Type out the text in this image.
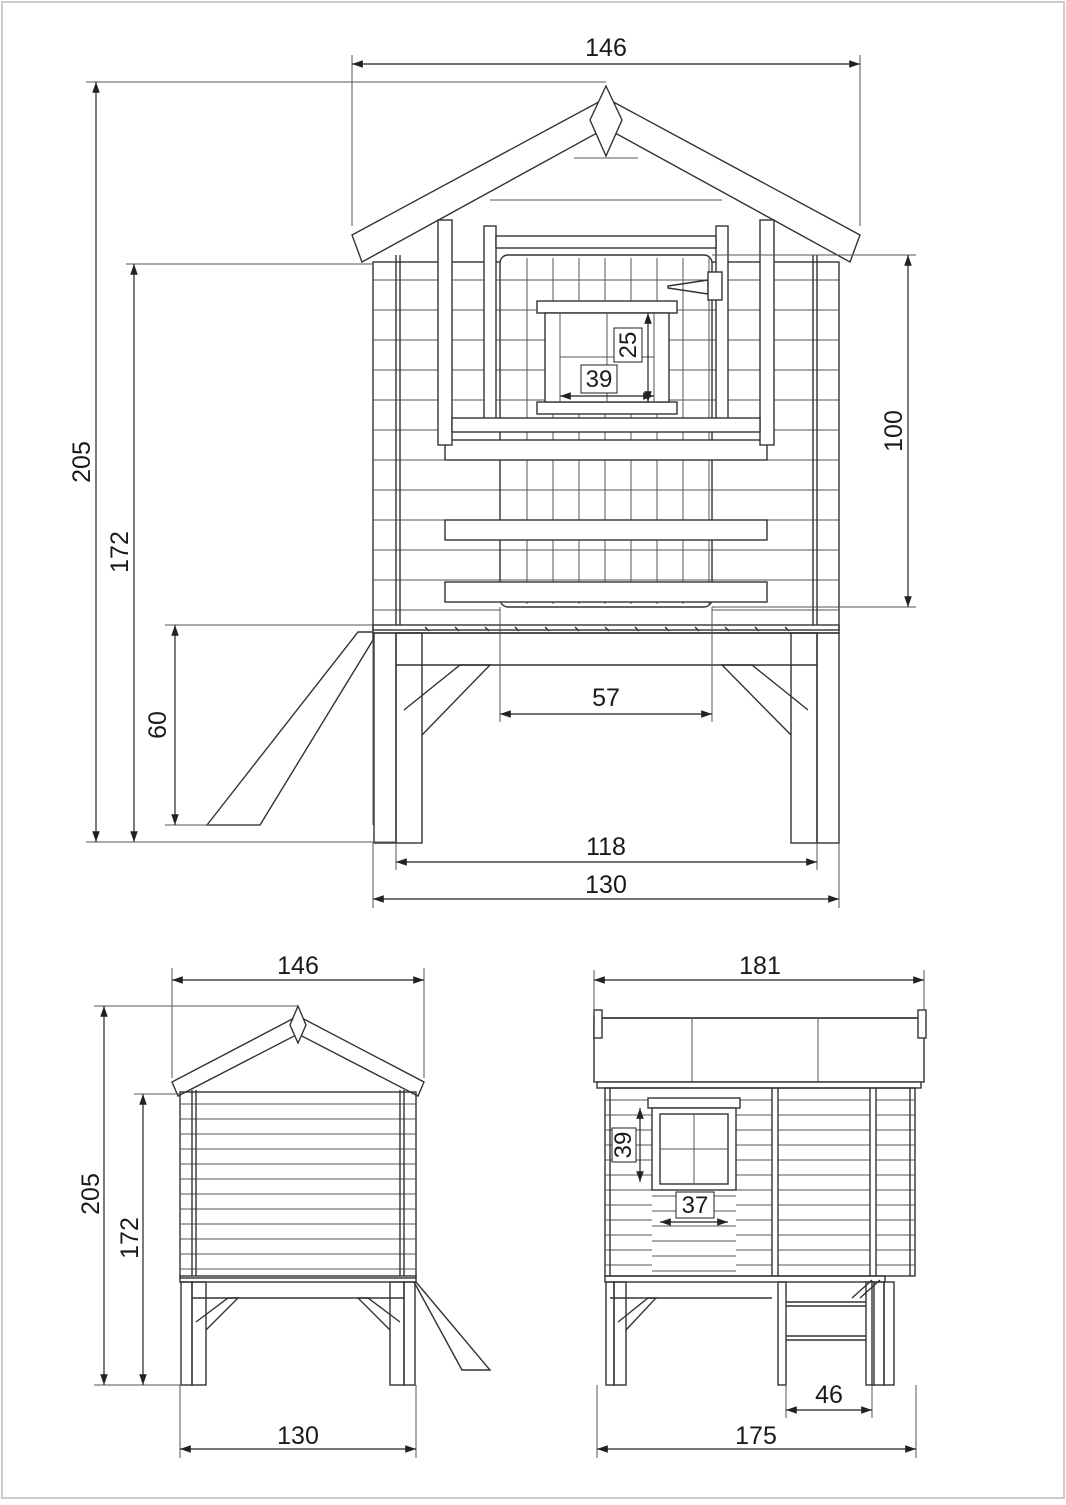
146
205
172
60
100
57
39
25
118
130
146
205
172
130
181
39
37
46
175
